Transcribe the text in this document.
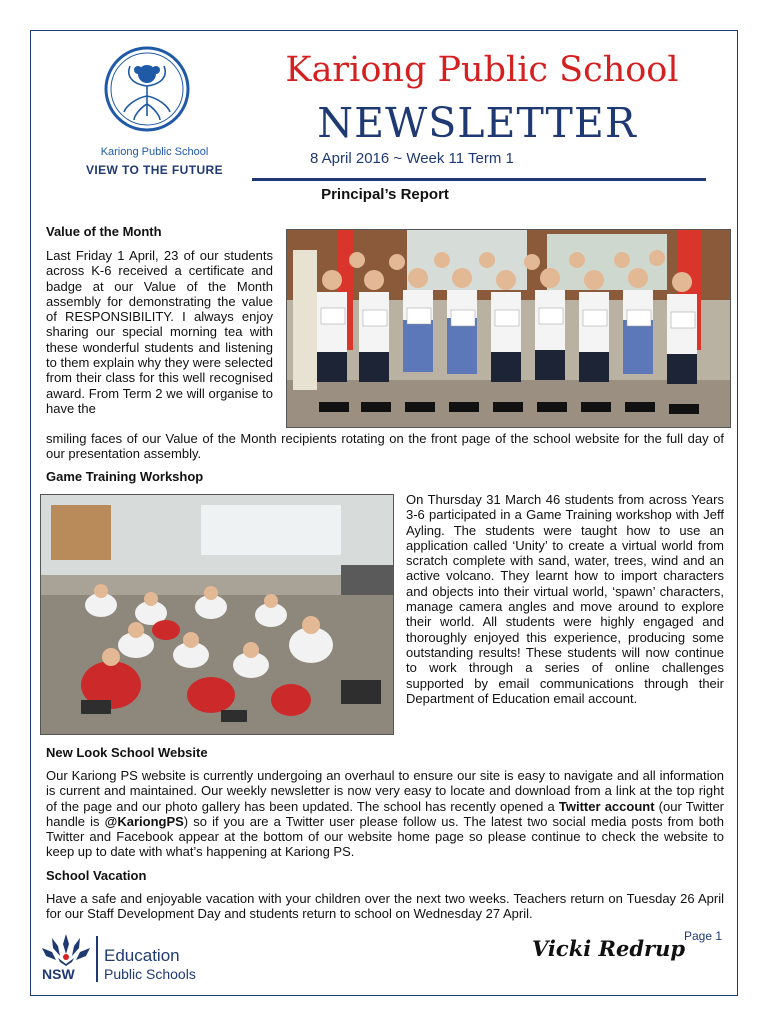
Kariong Public School
VIEW TO THE FUTURE
Kariong Public School
NEWSLETTER
8 April 2016 ~ Week 11 Term 1
Principal’s Report
Value of the Month

Last Friday 1 April, 23 of our students across K-6 received a certificate and badge at our Value of the Month assembly for demonstrating the value of RESPONSIBILITY. I always enjoy sharing our special morning tea with these wonderful students and listening to them explain why they were selected from their class for this well recognised award. From Term 2 we will organise to have the

smiling faces of our Value of the Month recipients rotating on the front page of the school website for the full day of our presentation assembly.

Game Training Workshop

On Thursday 31 March 46 students from across Years 3-6 participated in a Game Training workshop with Jeff Ayling. The students were taught how to use an application called ‘Unity’ to create a virtual world from scratch complete with sand, water, trees, wind and an active volcano. They learnt how to import characters and objects into their virtual world, ‘spawn’ characters, manage camera angles and move around to explore their world. All students were highly engaged and thoroughly enjoyed this experience, producing some outstanding results! These students will now continue to work through a series of online challenges supported by email communications through their Department of Education email account.

New Look School Website

Our Kariong PS website is currently undergoing an overhaul to ensure our site is easy to navigate and all information is current and maintained. Our weekly newsletter is now very easy to locate and download from a link at the top right of the page and our photo gallery has been updated. The school has recently opened a Twitter account (our Twitter handle is @KariongPS) so if you are a Twitter user please follow us. The latest two social media posts from both Twitter and Facebook appear at the bottom of our website home page so please continue to check the website to keep up to date with what’s happening at Kariong PS.

School Vacation

Have a safe and enjoyable vacation with your children over the next two weeks. Teachers return on Tuesday 26 April for our Staff Development Day and students return to school on Wednesday 27 April.

Vicki Redrup
Page 1
NSW
Education
Public Schools
